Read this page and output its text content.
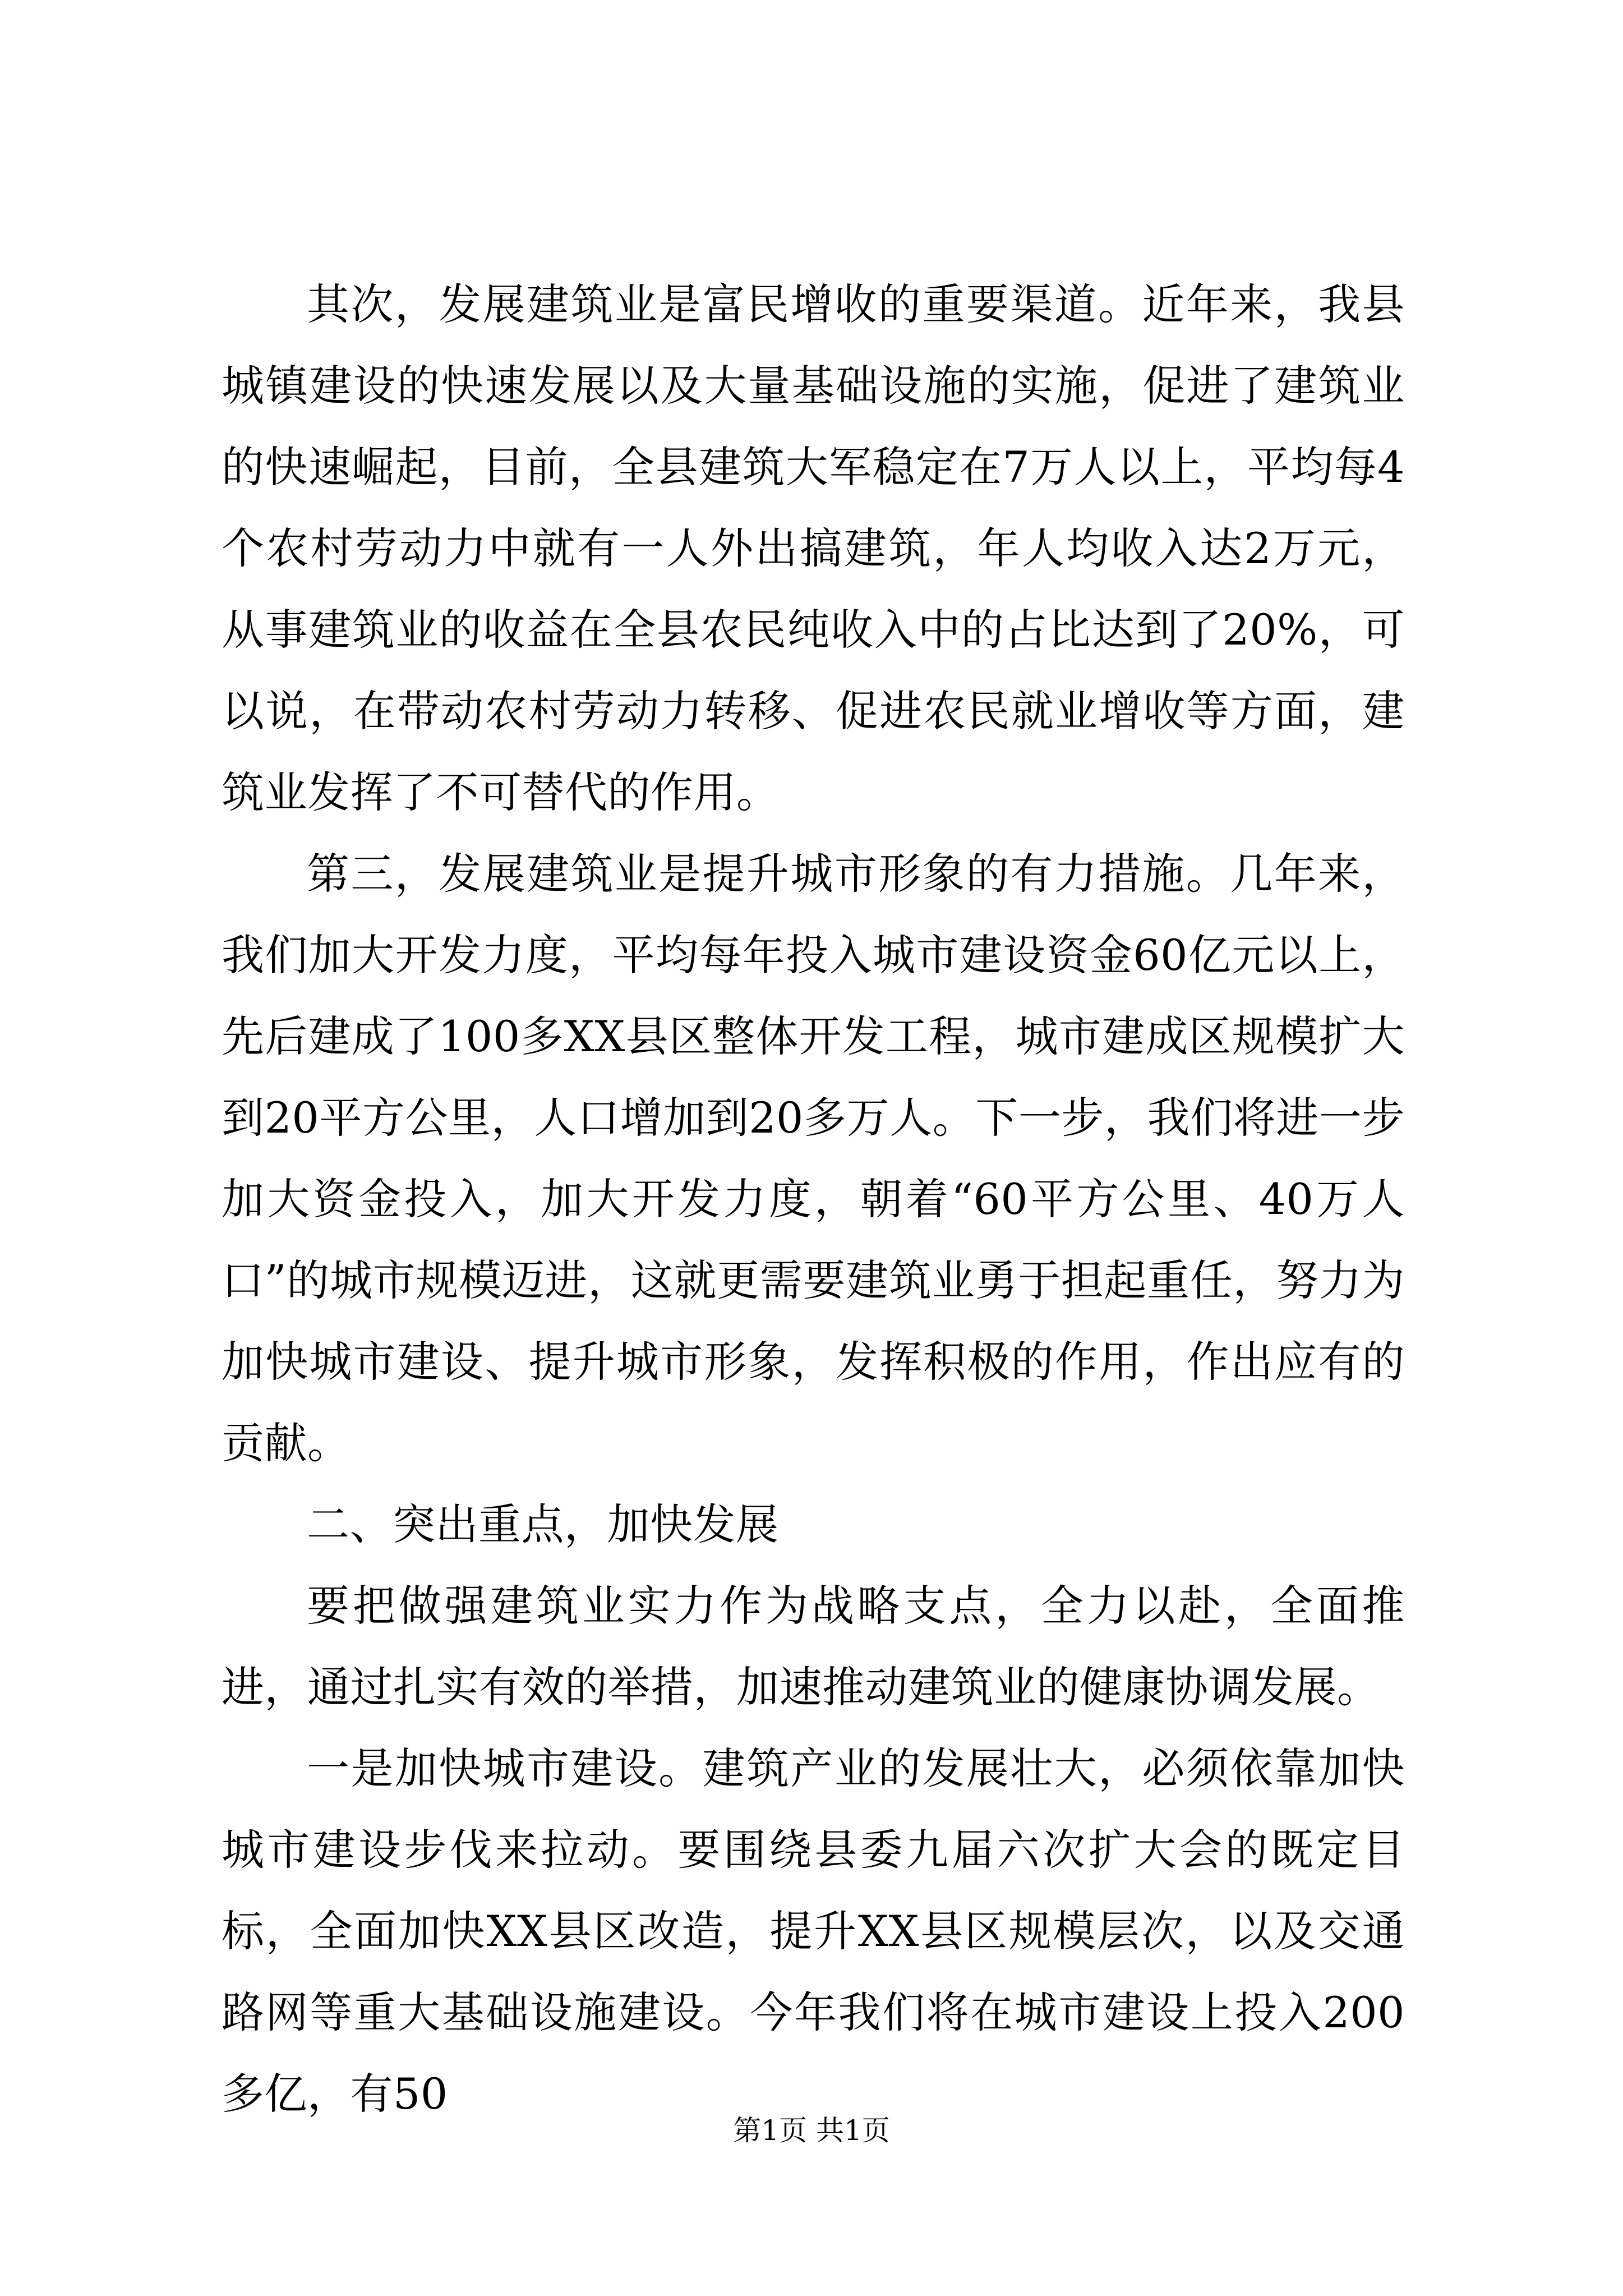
其次，发展建筑业是富民增收的重要渠道。近年来，我县城镇建设的快速发展以及大量基础设施的实施，促进了建筑业的快速崛起，目前，全县建筑大军稳定在7万人以上，平均每4个农村劳动力中就有一人外出搞建筑，年人均收入达2万元，从事建筑业的收益在全县农民纯收入中的占比达到了20%，可以说，在带动农村劳动力转移、促进农民就业增收等方面，建筑业发挥了不可替代的作用。

第三，发展建筑业是提升城市形象的有力措施。几年来，我们加大开发力度，平均每年投入城市建设资金60亿元以上，先后建成了100多XX县区整体开发工程，城市建成区规模扩大到20平方公里，人口增加到20多万人。下一步，我们将进一步加大资金投入，加大开发力度，朝着“60平方公里、40万人口”的城市规模迈进，这就更需要建筑业勇于担起重任，努力为加快城市建设、提升城市形象，发挥积极的作用，作出应有的贡献。

二、突出重点，加快发展

要把做强建筑业实力作为战略支点，全力以赴，全面推进，通过扎实有效的举措，加速推动建筑业的健康协调发展。

一是加快城市建设。建筑产业的发展壮大，必须依靠加快城市建设步伐来拉动。要围绕县委九届六次扩大会的既定目标，全面加快XX县区改造，提升XX县区规模层次，以及交通路网等重大基础设施建设。今年我们将在城市建设上投入200多亿，有50

第1页 共1页
